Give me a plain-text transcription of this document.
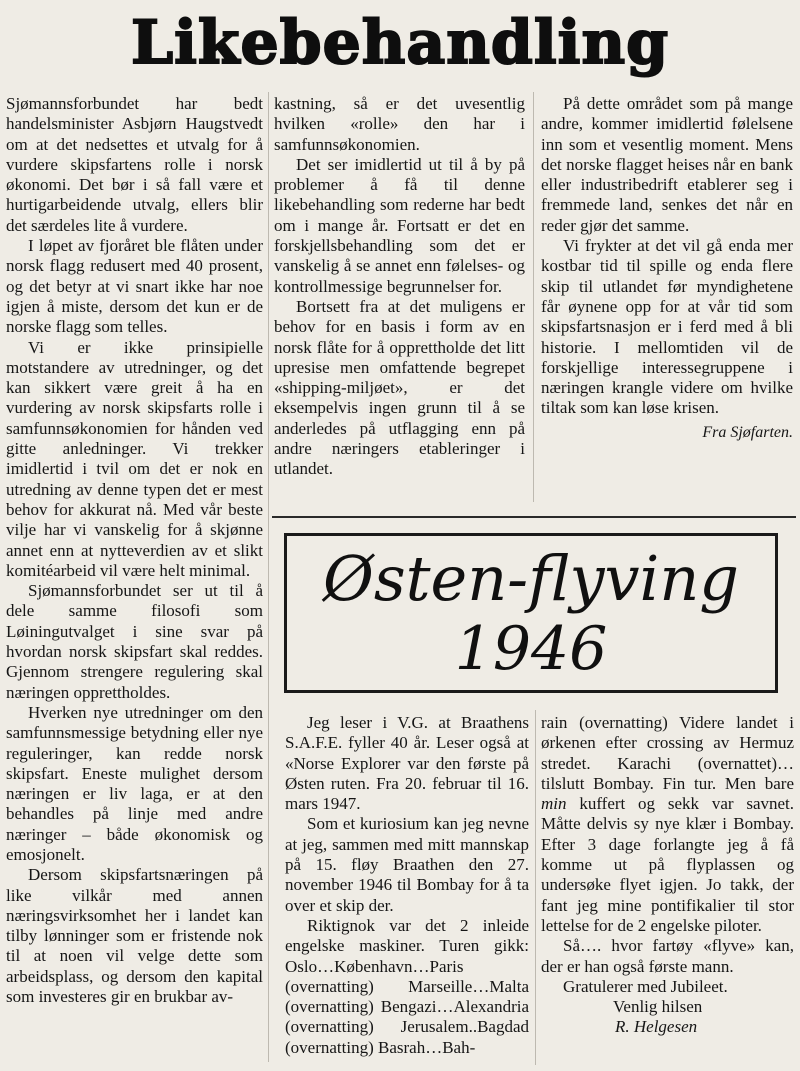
Likebehandling

Sjømannsforbundet har bedt handelsminister Asbjørn Haugstvedt om at det nedsettes et utvalg for å vurdere skipsfartens rolle i norsk økonomi. Det bør i så fall være et hurtigarbeidende utvalg, ellers blir det særdeles lite å vurdere.

I løpet av fjoråret ble flåten under norsk flagg redusert med 40 prosent, og det betyr at vi snart ikke har noe igjen å miste, dersom det kun er de norske flagg som telles.

Vi er ikke prinsipielle motstandere av utredninger, og det kan sikkert være greit å ha en vurdering av norsk skipsfarts rolle i samfunnsøkonomien for hånden ved gitte anledninger. Vi trekker imidlertid i tvil om det er nok en utredning av denne typen det er mest behov for akkurat nå. Med vår beste vilje har vi vanskelig for å skjønne annet enn at nytteverdien av et slikt komitéarbeid vil være helt minimal.

Sjømannsforbundet ser ut til å dele samme filosofi som Løiningutvalget i sine svar på hvordan norsk skipsfart skal reddes. Gjennom strengere regulering skal næringen opprettholdes.

Hverken nye utredninger om den samfunnsmessige betydning eller nye reguleringer, kan redde norsk skipsfart. Eneste mulighet dersom næringen er liv laga, er at den behandles på linje med andre næringer – både økonomisk og emosjonelt.

Dersom skipsfartsnæringen på like vilkår med annen næringsvirksomhet her i landet kan tilby lønninger som er fristende nok til at noen vil velge dette som arbeidsplass, og dersom den kapital som investeres gir en brukbar av-

kastning, så er det uvesentlig hvilken «rolle» den har i samfunnsøkonomien.

Det ser imidlertid ut til å by på problemer å få til denne likebehandling som rederne har bedt om i mange år. Fortsatt er det en forskjellsbehandling som det er vanskelig å se annet enn følelses- og kontrollmessige begrunnelser for.

Bortsett fra at det muligens er behov for en basis i form av en norsk flåte for å opprettholde det litt upresise men omfattende begrepet «shipping-miljøet», er det eksempelvis ingen grunn til å se anderledes på utflagging enn på andre næringers etableringer i utlandet.

På dette området som på mange andre, kommer imidlertid følelsene inn som et vesentlig moment. Mens det norske flagget heises når en bank eller industribedrift etablerer seg i fremmede land, senkes det når en reder gjør det samme.

Vi frykter at det vil gå enda mer kostbar tid til spille og enda flere skip til utlandet før myndighetene får øynene opp for at vår tid som skipsfartsnasjon er i ferd med å bli historie. I mellomtiden vil de forskjellige interessegruppene i næringen krangle videre om hvilke tiltak som kan løse krisen.

Fra Sjøfarten.

Østen-flyving
1946

Jeg leser i V.G. at Braathens S.A.F.E. fyller 40 år. Leser også at «Norse Explorer var den første på Østen ruten. Fra 20. februar til 16. mars 1947.

Som et kuriosium kan jeg nevne at jeg, sammen med mitt mannskap på 15. fløy Braathen den 27. november 1946 til Bombay for å ta over et skip der.

Riktignok var det 2 inleide engelske maskiner. Turen gikk: Oslo…København…Paris (overnatting) Marseille…Malta (overnatting) Bengazi…Alexandria (overnatting) Jerusalem..Bagdad (overnatting) Basrah…Bah-

rain (overnatting) Videre landet i ørkenen efter crossing av Hermuz stredet. Karachi (overnattet)… tilslutt Bombay. Fin tur. Men bare min kuffert og sekk var savnet. Måtte delvis sy nye klær i Bombay. Efter 3 dage forlangte jeg å få komme ut på flyplassen og undersøke flyet igjen. Jo takk, der fant jeg mine pontifikalier til stor lettelse for de 2 engelske piloter.

Så…. hvor fartøy «flyve» kan, der er han også første mann.

Gratulerer med Jubileet.

Venlig hilsen

R. Helgesen
